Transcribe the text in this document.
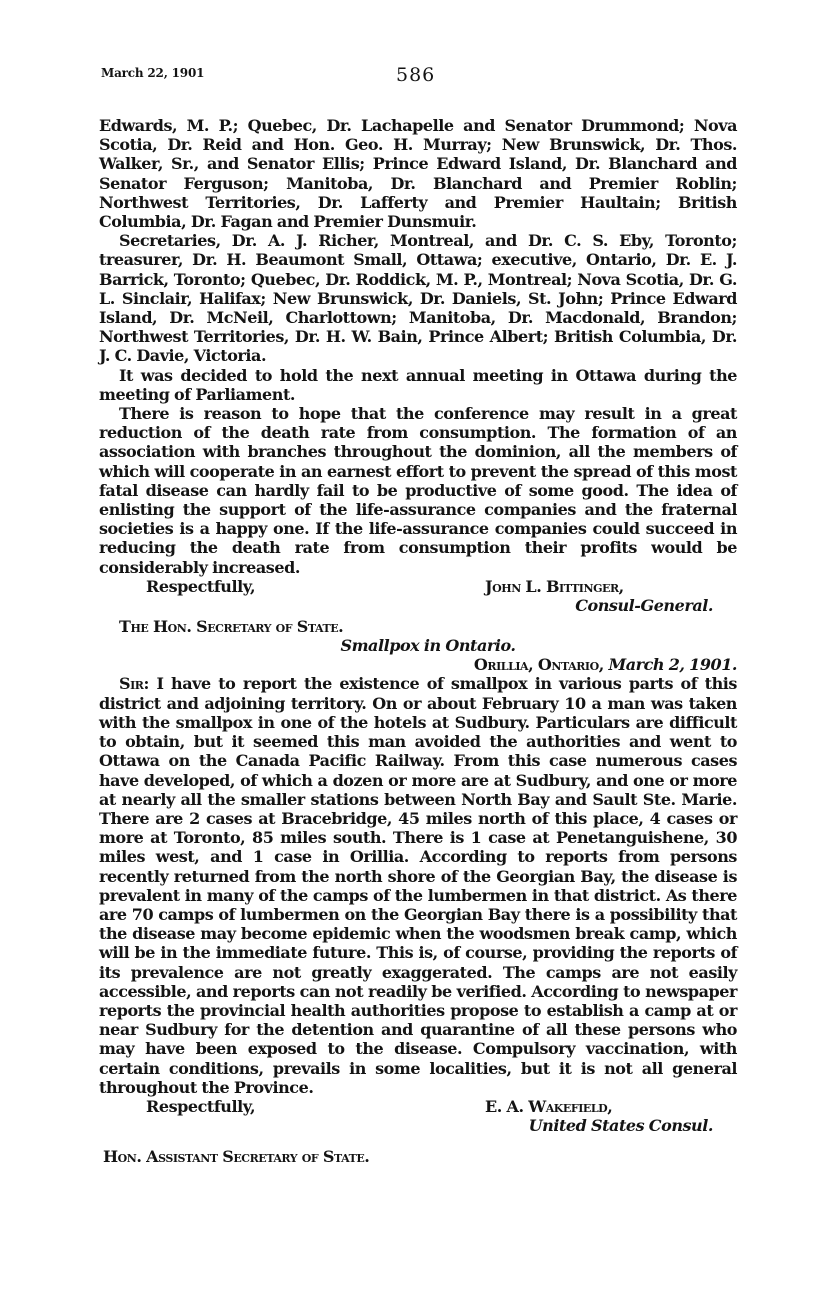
March 22, 1901	586

Edwards, M. P.; Quebec, Dr. Lachapelle and Senator Drummond; Nova Scotia, Dr. Reid and Hon. Geo. H. Murray; New Brunswick, Dr. Thos. Walker, Sr., and Senator Ellis; Prince Edward Island, Dr. Blanchard and Senator Ferguson; Manitoba, Dr. Blanchard and Premier Roblin; Northwest Territories, Dr. Lafferty and Premier Haultain; British Columbia, Dr. Fagan and Premier Dunsmuir.

Secretaries, Dr. A. J. Richer, Montreal, and Dr. C. S. Eby, Toronto; treasurer, Dr. H. Beaumont Small, Ottawa; executive, Ontario, Dr. E. J. Barrick, Toronto; Quebec, Dr. Roddick, M. P., Montreal; Nova Scotia, Dr. G. L. Sinclair, Halifax; New Brunswick, Dr. Daniels, St. John; Prince Edward Island, Dr. McNeil, Charlottown; Manitoba, Dr. Macdonald, Brandon; Northwest Territories, Dr. H. W. Bain, Prince Albert; British Columbia, Dr. J. C. Davie, Victoria.

It was decided to hold the next annual meeting in Ottawa during the meeting of Parliament.

There is reason to hope that the conference may result in a great reduction of the death rate from consumption. The formation of an association with branches throughout the dominion, all the members of which will cooperate in an earnest effort to prevent the spread of this most fatal disease can hardly fail to be productive of some good. The idea of enlisting the support of the life-assurance companies and the fraternal societies is a happy one. If the life-assurance companies could succeed in reducing the death rate from consumption their profits would be considerably increased.

Respectfully,	John L. Bittinger,
Consul-General.

The Hon. Secretary of State.

Smallpox in Ontario.

Orillia, Ontario, March 2, 1901.

Sir: I have to report the existence of smallpox in various parts of this district and adjoining territory. On or about February 10 a man was taken with the smallpox in one of the hotels at Sudbury. Particulars are difficult to obtain, but it seemed this man avoided the authorities and went to Ottawa on the Canada Pacific Railway. From this case numerous cases have developed, of which a dozen or more are at Sudbury, and one or more at nearly all the smaller stations between North Bay and Sault Ste. Marie. There are 2 cases at Bracebridge, 45 miles north of this place, 4 cases or more at Toronto, 85 miles south. There is 1 case at Penetanguishene, 30 miles west, and 1 case in Orillia. According to reports from persons recently returned from the north shore of the Georgian Bay, the disease is prevalent in many of the camps of the lumbermen in that district. As there are 70 camps of lumbermen on the Georgian Bay there is a possibility that the disease may become epidemic when the woodsmen break camp, which will be in the immediate future. This is, of course, providing the reports of its prevalence are not greatly exaggerated. The camps are not easily accessible, and reports can not readily be verified. According to newspaper reports the provincial health authorities propose to establish a camp at or near Sudbury for the detention and quarantine of all these persons who may have been exposed to the disease. Compulsory vaccination, with certain conditions, prevails in some localities, but it is not all general throughout the Province.

Respectfully,	E. A. Wakefield,
United States Consul.

Hon. Assistant Secretary of State.
